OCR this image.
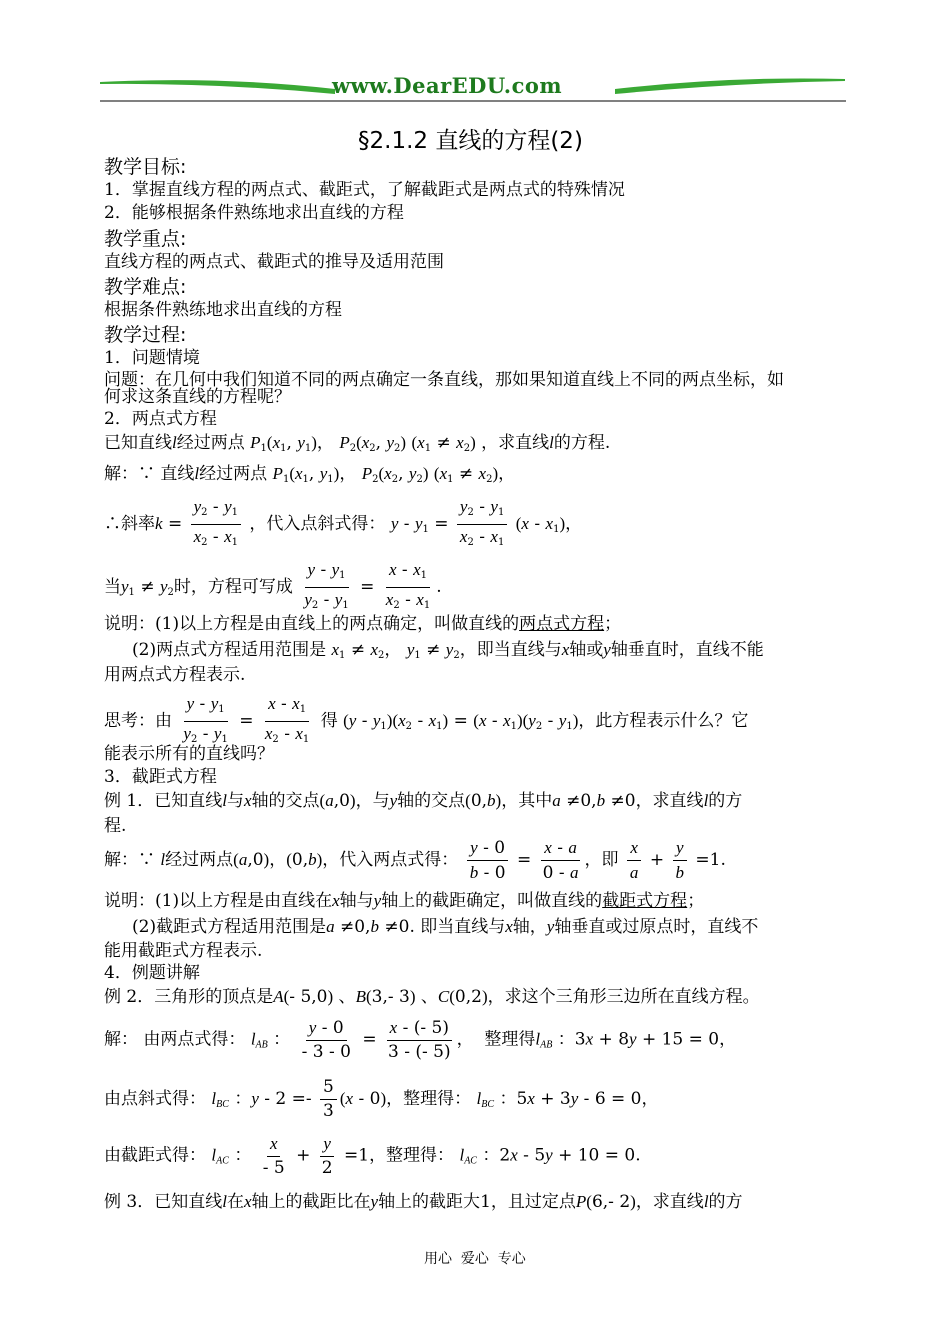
www.DearEDU.com
§2.1.2 直线的方程(2)
教学目标:
1．掌握直线方程的两点式、截距式，了解截距式是两点式的特殊情况
2．能够根据条件熟练地求出直线的方程
教学重点:
直线方程的两点式、截距式的推导及适用范围
教学难点:
根据条件熟练地求出直线的方程
教学过程:
1．问题情境
问题：在几何中我们知道不同的两点确定一条直线，那如果知道直线上不同的两点坐标，如
何求这条直线的方程呢？
2．两点式方程
已知直线l经过两点 $P_1(x_1$, $y_1$)， $P_2(x_2$, $y_2$) $(x_1 \ne x_2)$ ，求直线l的方程.
解：∵ 直线l经过两点 $P_1(x_1$, $y_1$)， $P_2(x_2$, $y_2$) $(x_1 \ne x_2)$，
∴斜率$k = \frac{y_2 - y_1}{x_2 - x_1}$ ，代入点斜式得： $y - y_1 = \frac{y_2 - y_1}{x_2 - x_1} (x - x_1)$，
当$y_1 \ne y_2$时，方程可写成 $\frac{y - y_1}{y_2 - y_1} = \frac{x - x_1}{x_2 - x_1}$ .
说明：(1)以上方程是由直线上的两点确定，叫做直线的两点式方程；
(2)两点式方程适用范围是 $x_1 \ne x_2$， $y_1 \ne y_2$，即当直线与x轴或y轴垂直时，直线不能
用两点式方程表示.
思考：由 $\frac{y - y_1}{y_2 - y_1} = \frac{x - x_1}{x_2 - x_1}$ 得 $(y - y_1)(x_2 - x_1) = (x - x_1)(y_2 - y_1)$，此方程表示什么？它
能表示所有的直线吗？
3．截距式方程
例 1．已知直线l与x轴的交点(a,0)，与y轴的交点(0,b)，其中a ≠0,b ≠0，求直线l的方
程.
解：∵ l经过两点(a,0)，(0,b)，代入两点式得： $\frac{y - 0}{b - 0} = \frac{x - a}{0 - a}$ ，即 $\frac{x}{a} + \frac{y}{b} =1$.
说明：(1)以上方程是由直线在x轴与y轴上的截距确定，叫做直线的截距式方程；
(2)截距式方程适用范围是a ≠0,b ≠0. 即当直线与x轴，y轴垂直或过原点时，直线不
能用截距式方程表示.
4．例题讲解
例 2．三角形的顶点是A(- 5,0) 、B(3,- 3) 、C(0,2)，求这个三角形三边所在直线方程。
解： 由两点式得： $l_{AB}$ ： $\frac{y - 0}{- 3 - 0} = \frac{x - (- 5)}{3 - (- 5)}$ ，  整理得$l_{AB}$ ：3x + 8y + 15 = 0，
由点斜式得： $l_{BC}$ ：$y - 2 =- \frac{5}{3} (x - 0)$，整理得： $l_{BC}$ ：5x + 3y - 6 = 0，
由截距式得： $l_{AC}$ ： $\frac{x}{- 5} + \frac{y}{2} =1$，整理得： $l_{AC}$ ：2x - 5y + 10 = 0.
例 3．已知直线l在x轴上的截距比在y轴上的截距大1，且过定点P(6,- 2)，求直线l的方
用心  爱心  专心
